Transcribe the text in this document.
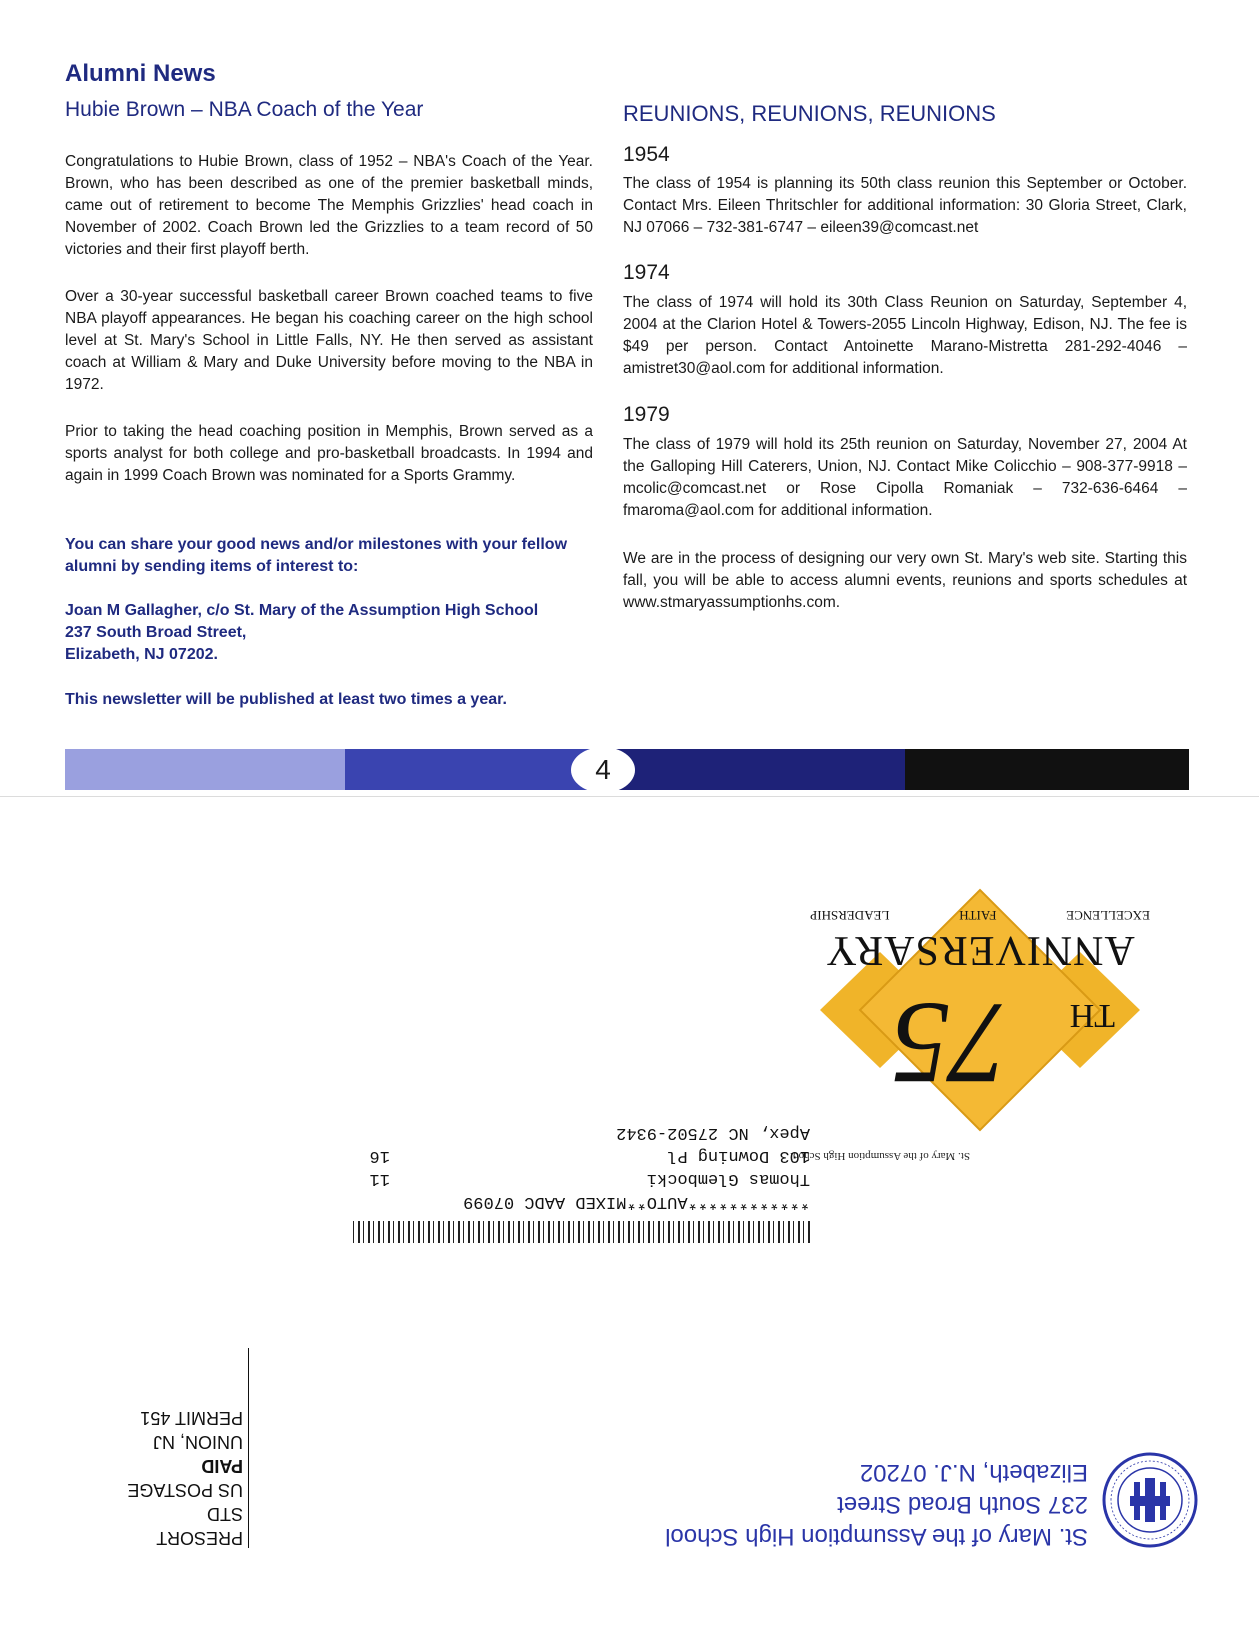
Alumni News
Hubie Brown – NBA Coach of the Year
Congratulations to Hubie Brown, class of 1952 – NBA's Coach of the Year. Brown, who has been described as one of the premier basketball minds, came out of retirement to become The Memphis Grizzlies' head coach in November of 2002. Coach Brown led the Grizzlies to a team record of 50 victories and their first playoff berth.
Over a 30-year successful basketball career Brown coached teams to five NBA playoff appearances. He began his coaching career on the high school level at St. Mary's School in Little Falls, NY. He then served as assistant coach at William & Mary and Duke University before moving to the NBA in 1972.
Prior to taking the head coaching position in Memphis, Brown served as a sports analyst for both college and pro-basketball broadcasts. In 1994 and again in 1999 Coach Brown was nominated for a Sports Grammy.
You can share your good news and/or milestones with your fellow alumni by sending items of interest to:
Joan M Gallagher, c/o St. Mary of the Assumption High School
237 South Broad Street,
Elizabeth, NJ 07202.
This newsletter will be published at least two times a year.
REUNIONS, REUNIONS, REUNIONS
1954
The class of 1954 is planning its 50th class reunion this September or October. Contact Mrs. Eileen Thritschler for additional information: 30 Gloria Street, Clark, NJ 07066 – 732-381-6747 – eileen39@comcast.net
1974
The class of 1974 will hold its 30th Class Reunion on Saturday, September 4, 2004 at the Clarion Hotel & Towers-2055 Lincoln Highway, Edison, NJ. The fee is $49 per person. Contact Antoinette Marano-Mistretta 281-292-4046 – amistret30@aol.com for additional information.
1979
The class of 1979 will hold its 25th reunion on Saturday, November 27, 2004 At the Galloping Hill Caterers, Union, NJ. Contact Mike Colicchio – 908-377-9918 – mcolic@comcast.net or Rose Cipolla Romaniak – 732-636-6464 – fmaroma@aol.com for additional information.
We are in the process of designing our very own St. Mary's web site. Starting this fall, you will be able to access alumni events, reunions and sports schedules at www.stmaryassumptionhs.com.
4
75	TH
ANNIVERSARY
EXCELLENCE
FAITH
LEADERSHIP
St. Mary of the Assumption High School
************AUTO**MIXED AADC 07099
Thomas Glembocki
103 Downing Pl
Apex, NC 27502-9342
11
16
St. Mary of the Assumption High School
237 South Broad Street
Elizabeth, N.J. 07202
PRESORT STD
US POSTAGE
PAID
UNION, NJ
PERMIT 451
